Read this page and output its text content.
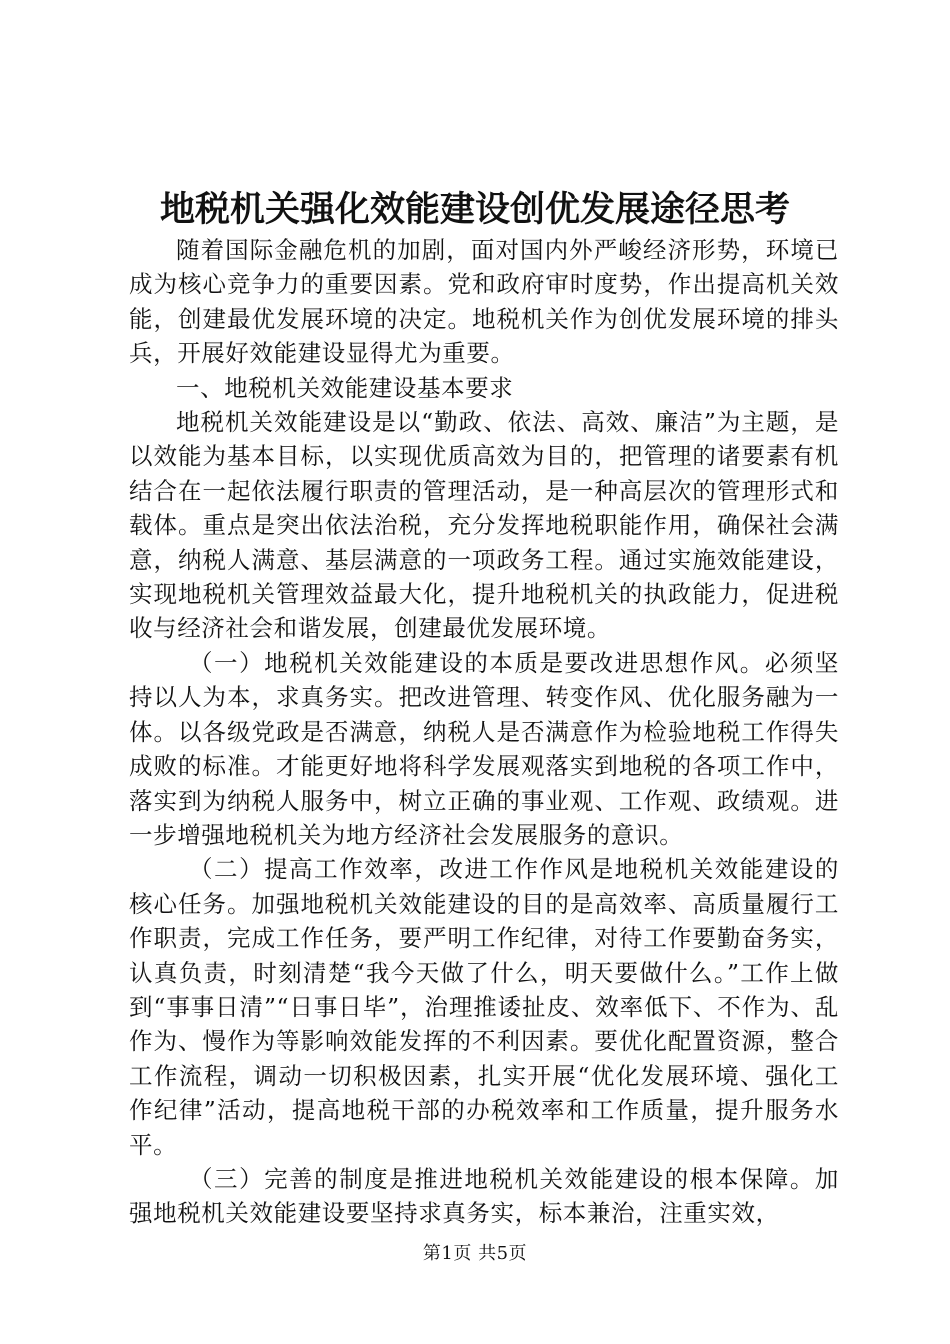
地税机关强化效能建设创优发展途径思考

随着国际金融危机的加剧，面对国内外严峻经济形势，环境已成为核心竞争力的重要因素。党和政府审时度势，作出提高机关效能，创建最优发展环境的决定。地税机关作为创优发展环境的排头兵，开展好效能建设显得尤为重要。

一、地税机关效能建设基本要求

地税机关效能建设是以“勤政、依法、高效、廉洁”为主题，是以效能为基本目标，以实现优质高效为目的，把管理的诸要素有机结合在一起依法履行职责的管理活动，是一种高层次的管理形式和载体。重点是突出依法治税，充分发挥地税职能作用，确保社会满意，纳税人满意、基层满意的一项政务工程。通过实施效能建设，实现地税机关管理效益最大化，提升地税机关的执政能力，促进税收与经济社会和谐发展，创建最优发展环境。

（一）地税机关效能建设的本质是要改进思想作风。必须坚持以人为本，求真务实。把改进管理、转变作风、优化服务融为一体。以各级党政是否满意，纳税人是否满意作为检验地税工作得失成败的标准。才能更好地将科学发展观落实到地税的各项工作中，落实到为纳税人服务中，树立正确的事业观、工作观、政绩观。进一步增强地税机关为地方经济社会发展服务的意识。

（二）提高工作效率，改进工作作风是地税机关效能建设的核心任务。加强地税机关效能建设的目的是高效率、高质量履行工作职责，完成工作任务，要严明工作纪律，对待工作要勤奋务实，认真负责，时刻清楚“我今天做了什么，明天要做什么。”工作上做到“事事日清”“日事日毕”，治理推诿扯皮、效率低下、不作为、乱作为、慢作为等影响效能发挥的不利因素。要优化配置资源，整合工作流程，调动一切积极因素，扎实开展“优化发展环境、强化工作纪律”活动，提高地税干部的办税效率和工作质量，提升服务水平。

（三）完善的制度是推进地税机关效能建设的根本保障。加强地税机关效能建设要坚持求真务实，标本兼治，注重实效，

第1页 共5页
